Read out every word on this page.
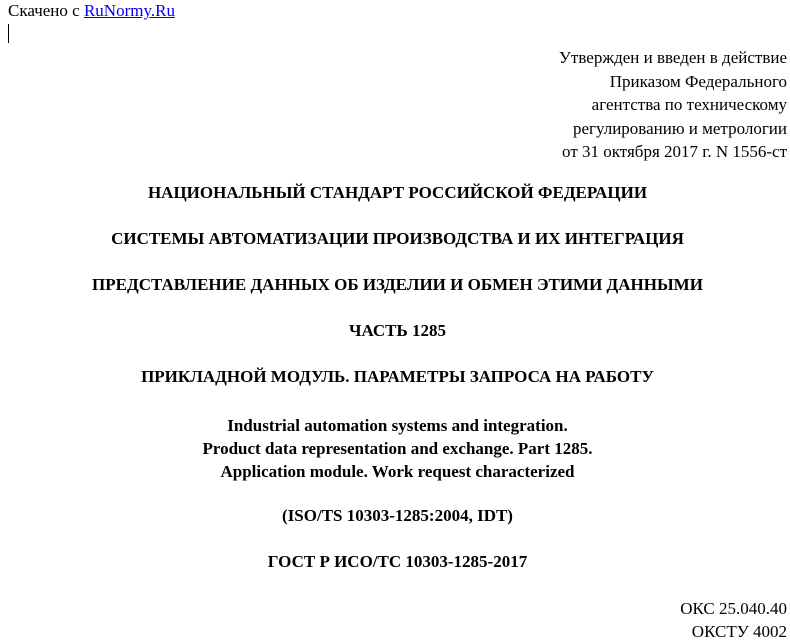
Скачено с RuNormy.Ru
Утвержден и введен в действие
Приказом Федерального
агентства по техническому
регулированию и метрологии
от 31 октября 2017 г. N 1556-ст
НАЦИОНАЛЬНЫЙ СТАНДАРТ РОССИЙСКОЙ ФЕДЕРАЦИИ
СИСТЕМЫ АВТОМАТИЗАЦИИ ПРОИЗВОДСТВА И ИХ ИНТЕГРАЦИЯ
ПРЕДСТАВЛЕНИЕ ДАННЫХ ОБ ИЗДЕЛИИ И ОБМЕН ЭТИМИ ДАННЫМИ
ЧАСТЬ 1285
ПРИКЛАДНОЙ МОДУЛЬ. ПАРАМЕТРЫ ЗАПРОСА НА РАБОТУ
Industrial automation systems and integration.
Product data representation and exchange. Part 1285.
Application module. Work request characterized
(ISO/TS 10303-1285:2004, IDT)
ГОСТ Р ИСО/ТС 10303-1285-2017
ОКС 25.040.40
ОКСТУ 4002
